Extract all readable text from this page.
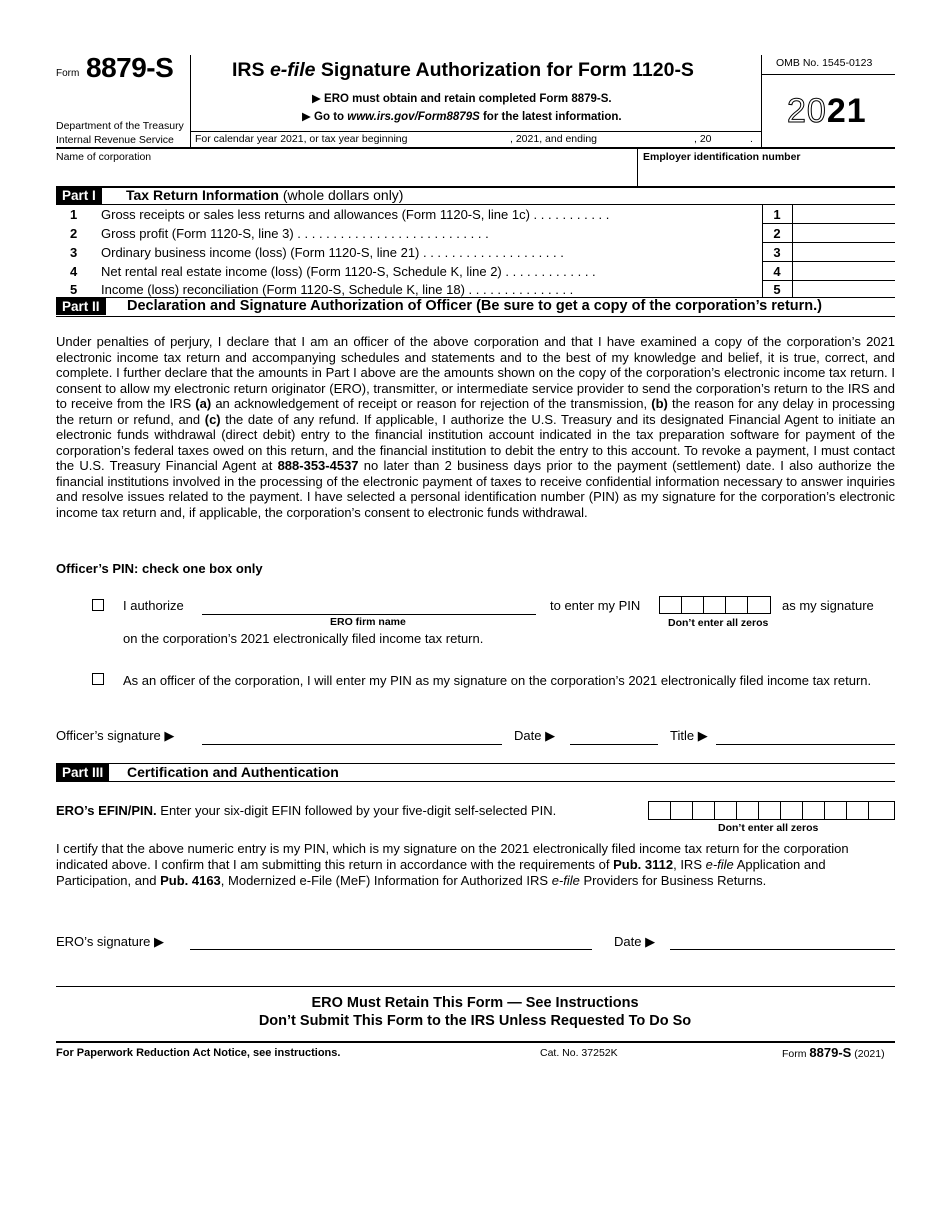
Form 8879-S
Department of the Treasury
Internal Revenue Service
IRS e-file Signature Authorization for Form 1120-S
▶ ERO must obtain and retain completed Form 8879-S.
▶ Go to www.irs.gov/Form8879S for the latest information.
OMB No. 1545-0123
2021
For calendar year 2021, or tax year beginning	, 2021, and ending	, 20	.
Name of corporation	Employer identification number
Part I	Tax Return Information (whole dollars only)
1 Gross receipts or sales less returns and allowances (Form 1120-S, line 1c) . . . . . . . . . . .	1
2 Gross profit (Form 1120-S, line 3) . . . . . . . . . . . . . . . . . . . . . . . . . . .	2
3 Ordinary business income (loss) (Form 1120-S, line 21) . . . . . . . . . . . . . . . . . . . .	3
4 Net rental real estate income (loss) (Form 1120-S, Schedule K, line 2) . . . . . . . . . . . . .	4
5 Income (loss) reconciliation (Form 1120-S, Schedule K, line 18) . . . . . . . . . . . . . . .	5
Part II	Declaration and Signature Authorization of Officer (Be sure to get a copy of the corporation’s return.)
Under penalties of perjury, I declare that I am an officer of the above corporation and that I have examined a copy of the corporation’s 2021 electronic income tax return and accompanying schedules and statements and to the best of my knowledge and belief, it is true, correct, and complete. I further declare that the amounts in Part I above are the amounts shown on the copy of the corporation’s electronic income tax return. I consent to allow my electronic return originator (ERO), transmitter, or intermediate service provider to send the corporation’s return to the IRS and to receive from the IRS (a) an acknowledgement of receipt or reason for rejection of the transmission, (b) the reason for any delay in processing the return or refund, and (c) the date of any refund. If applicable, I authorize the U.S. Treasury and its designated Financial Agent to initiate an electronic funds withdrawal (direct debit) entry to the financial institution account indicated in the tax preparation software for payment of the corporation’s federal taxes owed on this return, and the financial institution to debit the entry to this account. To revoke a payment, I must contact the U.S. Treasury Financial Agent at 888-353-4537 no later than 2 business days prior to the payment (settlement) date. I also authorize the financial institutions involved in the processing of the electronic payment of taxes to receive confidential information necessary to answer inquiries and resolve issues related to the payment. I have selected a personal identification number (PIN) as my signature for the corporation’s electronic income tax return and, if applicable, the corporation’s consent to electronic funds withdrawal.
Officer’s PIN: check one box only
I authorize
ERO firm name
to enter my PIN
Don’t enter all zeros
as my signature
on the corporation’s 2021 electronically filed income tax return.
As an officer of the corporation, I will enter my PIN as my signature on the corporation’s 2021 electronically filed income tax return.
Officer’s signature ▶	Date ▶	Title ▶
Part III	Certification and Authentication
ERO’s EFIN/PIN. Enter your six-digit EFIN followed by your five-digit self-selected PIN.
Don’t enter all zeros
I certify that the above numeric entry is my PIN, which is my signature on the 2021 electronically filed income tax return for the corporation indicated above. I confirm that I am submitting this return in accordance with the requirements of Pub. 3112, IRS e-file Application and Participation, and Pub. 4163, Modernized e-File (MeF) Information for Authorized IRS e-file Providers for Business Returns.
ERO’s signature ▶	Date ▶
ERO Must Retain This Form — See Instructions
Don’t Submit This Form to the IRS Unless Requested To Do So
For Paperwork Reduction Act Notice, see instructions.	Cat. No. 37252K	Form 8879-S (2021)
